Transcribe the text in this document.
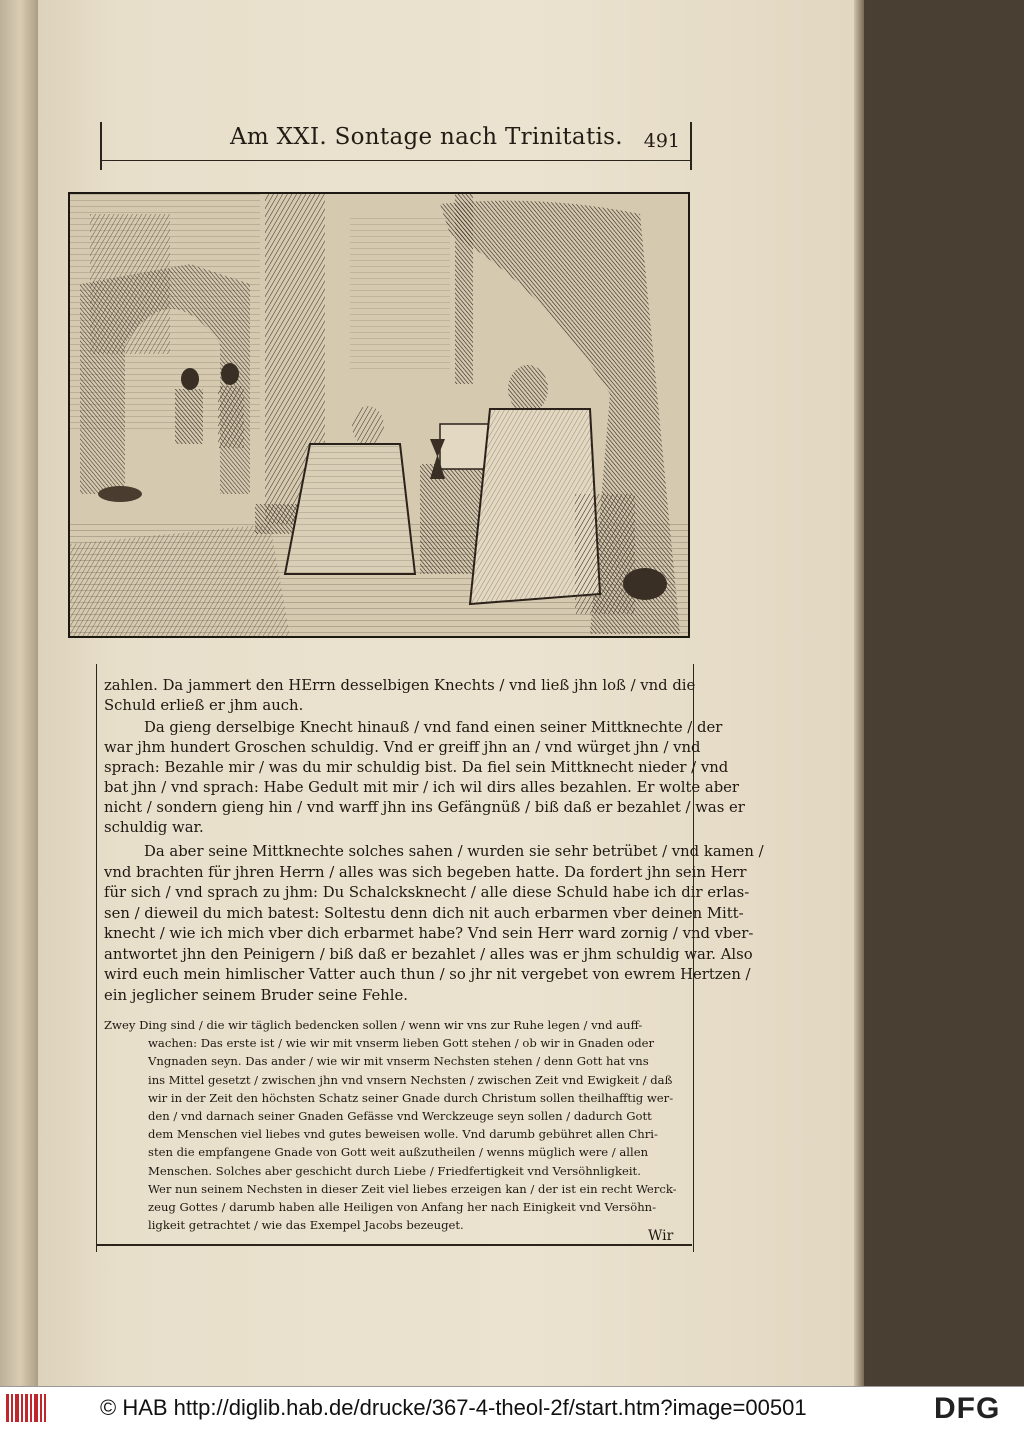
Am XXI. Sontage nach Trinitatis. 491
zahlen. Da jammert den HErrn desselbigen Knechts / vnd ließ jhn loß / vnd die
Schuld erließ er jhm auch.
Da gieng derselbige Knecht hinauß / vnd fand einen seiner Mittknechte / der
war jhm hundert Groschen schuldig. Vnd er greiff jhn an / vnd würget jhn / vnd
sprach: Bezahle mir / was du mir schuldig bist. Da fiel sein Mittknecht nieder / vnd
bat jhn / vnd sprach: Habe Gedult mit mir / ich wil dirs alles bezahlen. Er wolte aber
nicht / sondern gieng hin / vnd warff jhn ins Gefängnüß / biß daß er bezahlet / was er
schuldig war.
Da aber seine Mittknechte solches sahen / wurden sie sehr betrübet / vnd kamen /
vnd brachten für jhren Herrn / alles was sich begeben hatte. Da fordert jhn sein Herr
für sich / vnd sprach zu jhm: Du Schalcksknecht / alle diese Schuld habe ich dir erlas-
sen / dieweil du mich batest: Soltestu denn dich nit auch erbarmen vber deinen Mitt-
knecht / wie ich mich vber dich erbarmet habe? Vnd sein Herr ward zornig / vnd vber-
antwortet jhn den Peinigern / biß daß er bezahlet / alles was er jhm schuldig war. Also
wird euch mein himlischer Vatter auch thun / so jhr nit vergebet von ewrem Hertzen /
ein jeglicher seinem Bruder seine Fehle.
Zwey Ding sind / die wir täglich bedencken sollen / wenn wir vns zur Ruhe legen / vnd auff-
wachen: Das erste ist / wie wir mit vnserm lieben Gott stehen / ob wir in Gnaden oder
Vngnaden seyn. Das ander / wie wir mit vnserm Nechsten stehen / denn Gott hat vns
ins Mittel gesetzt / zwischen jhn vnd vnsern Nechsten / zwischen Zeit vnd Ewigkeit / daß
wir in der Zeit den höchsten Schatz seiner Gnade durch Christum sollen theilhafftig wer-
den / vnd darnach seiner Gnaden Gefässe vnd Werckzeuge seyn sollen / dadurch Gott
dem Menschen viel liebes vnd gutes beweisen wolle. Vnd darumb gebühret allen Chri-
sten die empfangene Gnade von Gott weit außzutheilen / wenns müglich were / allen
Menschen. Solches aber geschicht durch Liebe / Friedfertigkeit vnd Versöhnligkeit.
Wer nun seinem Nechsten in dieser Zeit viel liebes erzeigen kan / der ist ein recht Werck-
zeug Gottes / darumb haben alle Heiligen von Anfang her nach Einigkeit vnd Versöhn-
ligkeit getrachtet / wie das Exempel Jacobs bezeuget.
Wir
© HAB http://diglib.hab.de/drucke/367-4-theol-2f/start.htm?image=00501	DFG
